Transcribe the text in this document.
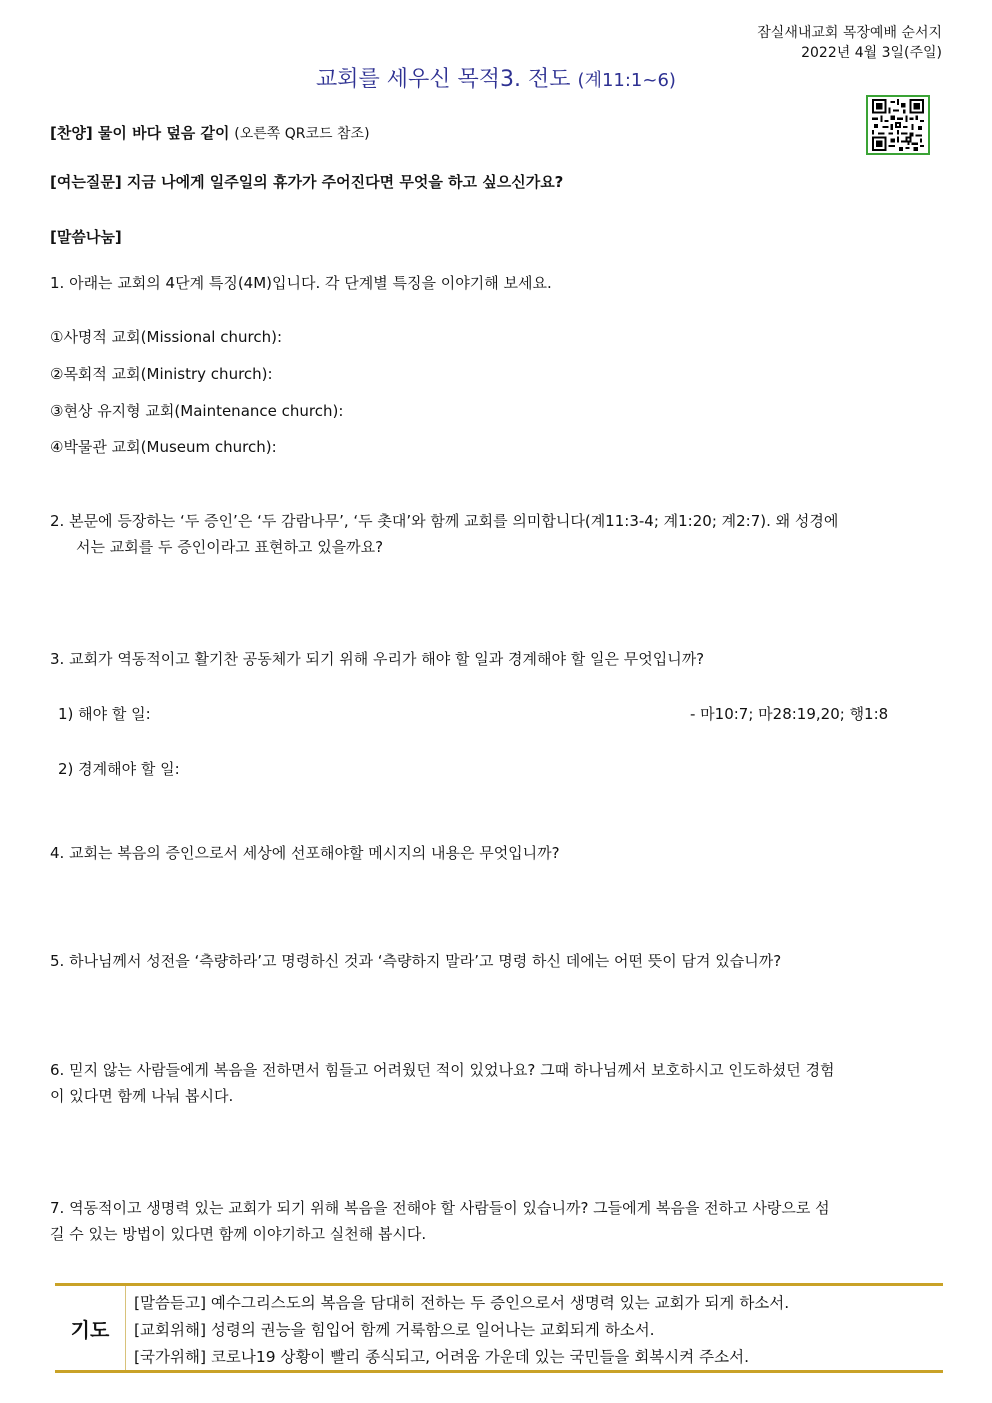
잠실새내교회 목장예배 순서지
2022년 4월 3일(주일)
교회를 세우신 목적3. 전도 (계11:1~6)
[찬양] 물이 바다 덮음 같이 (오른쪽 QR코드 참조)
[여는질문] 지금 나에게 일주일의 휴가가 주어진다면 무엇을 하고 싶으신가요?
[말씀나눔]
1. 아래는 교회의 4단계 특징(4M)입니다. 각 단계별 특징을 이야기해 보세요.
①사명적 교회(Missional church):
②목회적 교회(Ministry church):
③현상 유지형 교회(Maintenance church):
④박물관 교회(Museum church):
2. 본문에 등장하는 ‘두 증인’은 ‘두 감람나무’, ‘두 촛대’와 함께 교회를 의미합니다(계11:3-4; 계1:20; 계2:7). 왜 성경에
서는 교회를 두 증인이라고 표현하고 있을까요?
3. 교회가 역동적이고 활기찬 공동체가 되기 위해 우리가 해야 할 일과 경계해야 할 일은 무엇입니까?
1) 해야 할 일:	- 마10:7; 마28:19,20; 행1:8
2) 경계해야 할 일:
4. 교회는 복음의 증인으로서 세상에 선포해야할 메시지의 내용은 무엇입니까?
5. 하나님께서 성전을 ‘측량하라’고 명령하신 것과 ‘측량하지 말라’고 명령 하신 데에는 어떤 뜻이 담겨 있습니까?
6. 믿지 않는 사람들에게 복음을 전하면서 힘들고 어려웠던 적이 있었나요? 그때 하나님께서 보호하시고 인도하셨던 경험
이 있다면 함께 나눠 봅시다.
7. 역동적이고 생명력 있는 교회가 되기 위해 복음을 전해야 할 사람들이 있습니까? 그들에게 복음을 전하고 사랑으로 섬
길 수 있는 방법이 있다면 함께 이야기하고 실천해 봅시다.
기도
[말씀듣고] 예수그리스도의 복음을 담대히 전하는 두 증인으로서 생명력 있는 교회가 되게 하소서.
[교회위해] 성령의 권능을 힘입어 함께 거룩함으로 일어나는 교회되게 하소서.
[국가위해] 코로나19 상황이 빨리 종식되고, 어려움 가운데 있는 국민들을 회복시켜 주소서.
